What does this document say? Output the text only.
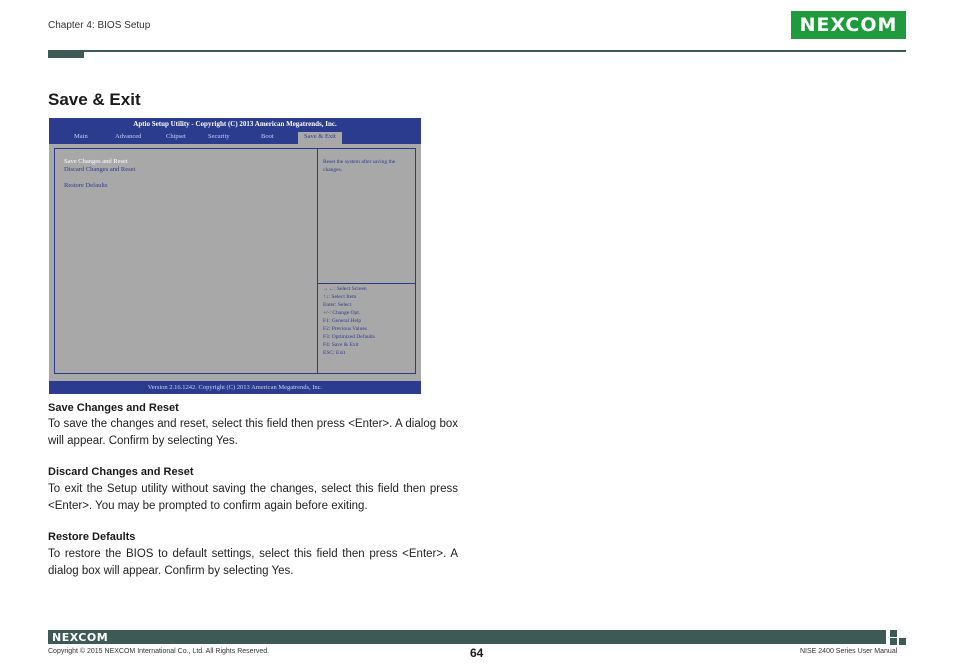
Chapter 4: BIOS Setup	NEXCOM
Save & Exit
Aptio Setup Utility - Copyright (C) 2013 American Megatrends, Inc.
Main	Advanced	Chipset	Security	Boot	Save & Exit
Save Changes and Reset
Discard Changes and Reset
Restore Defaults
Reset the system after saving the changes.
→←: Select Screen
↑↓: Select Item
Enter: Select
+/-: Change Opt.
F1: General Help
F2: Previous Values
F3: Optimized Defaults
F4: Save & Exit
ESC: Exit
Version 2.16.1242. Copyright (C) 2013 American Megatrends, Inc.
Save Changes and Reset
To save the changes and reset, select this field then press <Enter>. A dialog box will appear. Confirm by selecting Yes.
Discard Changes and Reset
To exit the Setup utility without saving the changes, select this field then press <Enter>. You may be prompted to confirm again before exiting.
Restore Defaults
To restore the BIOS to default settings, select this field then press <Enter>. A dialog box will appear. Confirm by selecting Yes.
NEXCOM
Copyright © 2015 NEXCOM International Co., Ltd. All Rights Reserved.	64	NISE 2400 Series User Manual
